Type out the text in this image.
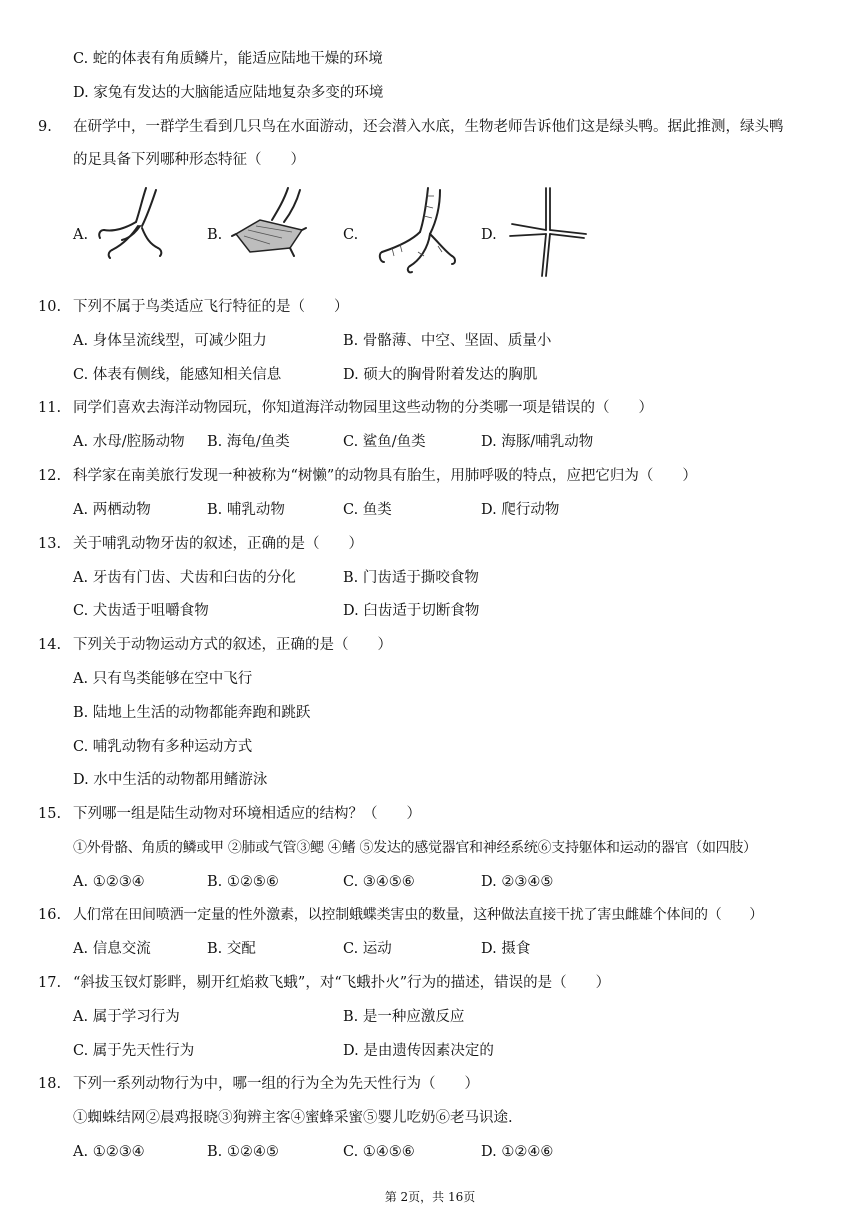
C. 蛇的体表有角质鳞片，能适应陆地干燥的环境
D. 家兔有发达的大脑能适应陆地复杂多变的环境
9. 在研学中，一群学生看到几只鸟在水面游动，还会潜入水底，生物老师告诉他们这是绿头鸭。据此推测，绿头鸭
的足具备下列哪种形态特征（　　）
A.	B.	C.	D.
10. 下列不属于鸟类适应飞行特征的是（　　）
A. 身体呈流线型，可减少阻力	B. 骨骼薄、中空、坚固、质量小
C. 体表有侧线，能感知相关信息	D. 硕大的胸骨附着发达的胸肌
11. 同学们喜欢去海洋动物园玩，你知道海洋动物园里这些动物的分类哪一项是错误的（　　）
A. 水母/腔肠动物 B. 海龟/鱼类	C. 鲨鱼/鱼类	D. 海豚/哺乳动物
12. 科学家在南美旅行发现一种被称为“树懒”的动物具有胎生，用肺呼吸的特点，应把它归为（　　）
A. 两栖动物	B. 哺乳动物	C. 鱼类	D. 爬行动物
13. 关于哺乳动物牙齿的叙述，正确的是（　　）
A. 牙齿有门齿、犬齿和臼齿的分化	B. 门齿适于撕咬食物
C. 犬齿适于咀嚼食物	D. 臼齿适于切断食物
14. 下列关于动物运动方式的叙述，正确的是（　　）
A. 只有鸟类能够在空中飞行
B. 陆地上生活的动物都能奔跑和跳跃
C. 哺乳动物有多种运动方式
D. 水中生活的动物都用鳍游泳
15. 下列哪一组是陆生动物对环境相适应的结构？（　　）
①外骨骼、角质的鳞或甲 ②肺或气管③鳃 ④鳍 ⑤发达的感觉器官和神经系统⑥支持躯体和运动的器官（如四肢）
A. ①②③④	B. ①②⑤⑥	C. ③④⑤⑥	D. ②③④⑤
16. 人们常在田间喷洒一定量的性外激素，以控制蛾蝶类害虫的数量，这种做法直接干扰了害虫雌雄个体间的（　　）
A. 信息交流	B. 交配	C. 运动	D. 摄食
17. “斜拔玉钗灯影畔，剔开红焰救飞蛾”，对“飞蛾扑火”行为的描述，错误的是（　　）
A. 属于学习行为	B. 是一种应激反应
C. 属于先天性行为	D. 是由遗传因素决定的
18. 下列一系列动物行为中，哪一组的行为全为先天性行为（　　）
①蜘蛛结网②晨鸡报晓③狗辨主客④蜜蜂采蜜⑤婴儿吃奶⑥老马识途.
A. ①②③④	B. ①②④⑤	C. ①④⑤⑥	D. ①②④⑥
第 2页，共 16页
